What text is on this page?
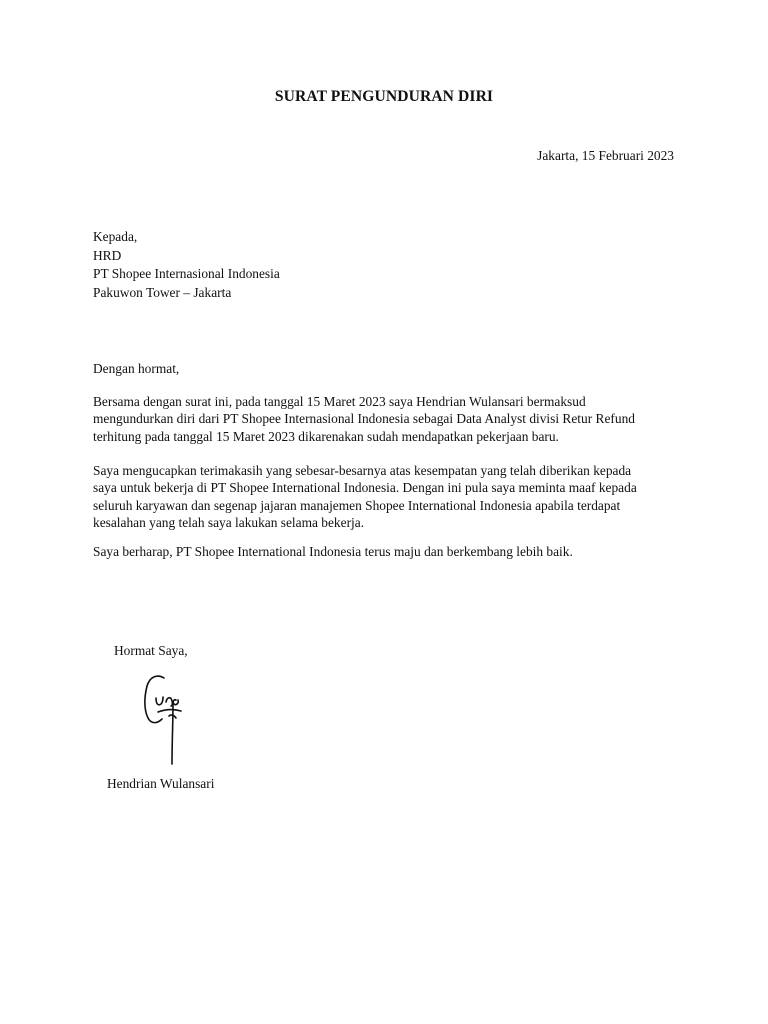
SURAT PENGUNDURAN DIRI
Jakarta, 15 Februari 2023
Kepada,
HRD
PT Shopee Internasional Indonesia
Pakuwon Tower – Jakarta
Dengan hormat,
Bersama dengan surat ini, pada tanggal 15 Maret 2023 saya Hendrian Wulansari bermaksud
mengundurkan diri dari PT Shopee Internasional Indonesia sebagai Data Analyst divisi Retur Refund
terhitung pada tanggal 15 Maret 2023 dikarenakan sudah mendapatkan pekerjaan baru.
Saya mengucapkan terimakasih yang sebesar-besarnya atas kesempatan yang telah diberikan kepada
saya untuk bekerja di PT Shopee International Indonesia. Dengan ini pula saya meminta maaf kepada
seluruh karyawan dan segenap jajaran manajemen Shopee International Indonesia apabila terdapat
kesalahan yang telah saya lakukan selama bekerja.
Saya berharap, PT Shopee International Indonesia terus maju dan berkembang lebih baik.
Hormat Saya,
Hendrian Wulansari
